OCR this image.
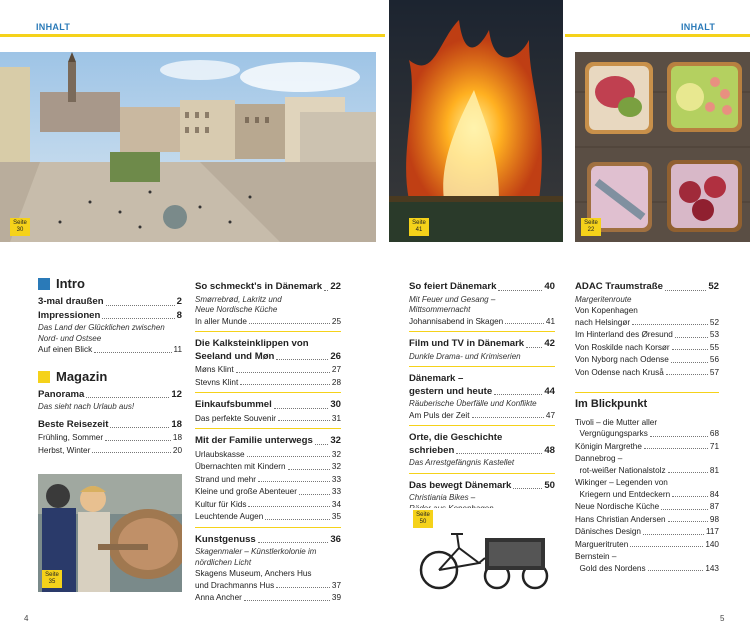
INHALT	INHALT
Seite
30
Seite
41
Seite
22
Intro
3-mal draußen	2
Impressionen	8
Das Land der Glücklichen zwischen
Nord- und Ostsee
Auf einen Blick	11
Magazin
Panorama	12
Das sieht nach Urlaub aus!
Beste Reisezeit	18
Frühling, Sommer	18
Herbst, Winter	20
Seite
35
So schmeckt's in Dänemark 22
Smørrebrød, Lakritz und
Neue Nordische Küche
In aller Munde	25
Die Kalksteinklippen von
Seeland und Møn	26
Møns Klint	27
Stevns Klint	28
Einkaufsbummel	30
Das perfekte Souvenir	31
Mit der Familie unterwegs 32
Urlaubskasse	32
Übernachten mit Kindern	32
Strand und mehr	33
Kleine und große Abenteuer	33
Kultur für Kids	34
Leuchtende Augen	35
Kunstgenuss	36
Skagenmaler – Künstlerkolonie im
nördlichen Licht
Skagens Museum, Anchers Hus
und Drachmanns Hus	37
Anna Ancher	39
So feiert Dänemark	40
Mit Feuer und Gesang –
Mittsommernacht
Johannisabend in Skagen	41
Film und TV in Dänemark 42
Dunkle Drama- und Krimiserien
Dänemark –
gestern und heute	44
Räuberische Überfälle und Konflikte
Am Puls der Zeit	47
Orte, die Geschichte
schrieben	48
Das Arrestgefängnis Kastellet
Das bewegt Dänemark	50
Christiania Bikes –
Seite
50
ADAC Traumstraße	52
Margeritenroute
Von Kopenhagen
nach Helsingør	52
Im Hinterland des Øresund	53
Von Roskilde nach Korsør	55
Von Nyborg nach Odense	56
Von Odense nach Kruså	57
Im Blickpunkt
Tivoli – die Mutter aller
Vergnügungsparks	68
Königin Margrethe	71
Dannebrog –
rot-weißer Nationalstolz	81
Wikinger – Legenden von
Kriegern und Entdeckern	84
Neue Nordische Küche	87
Hans Christian Andersen	98
Dänisches Design	117
Margueritruten	140
Bernstein –
Gold des Nordens	143
4	5
